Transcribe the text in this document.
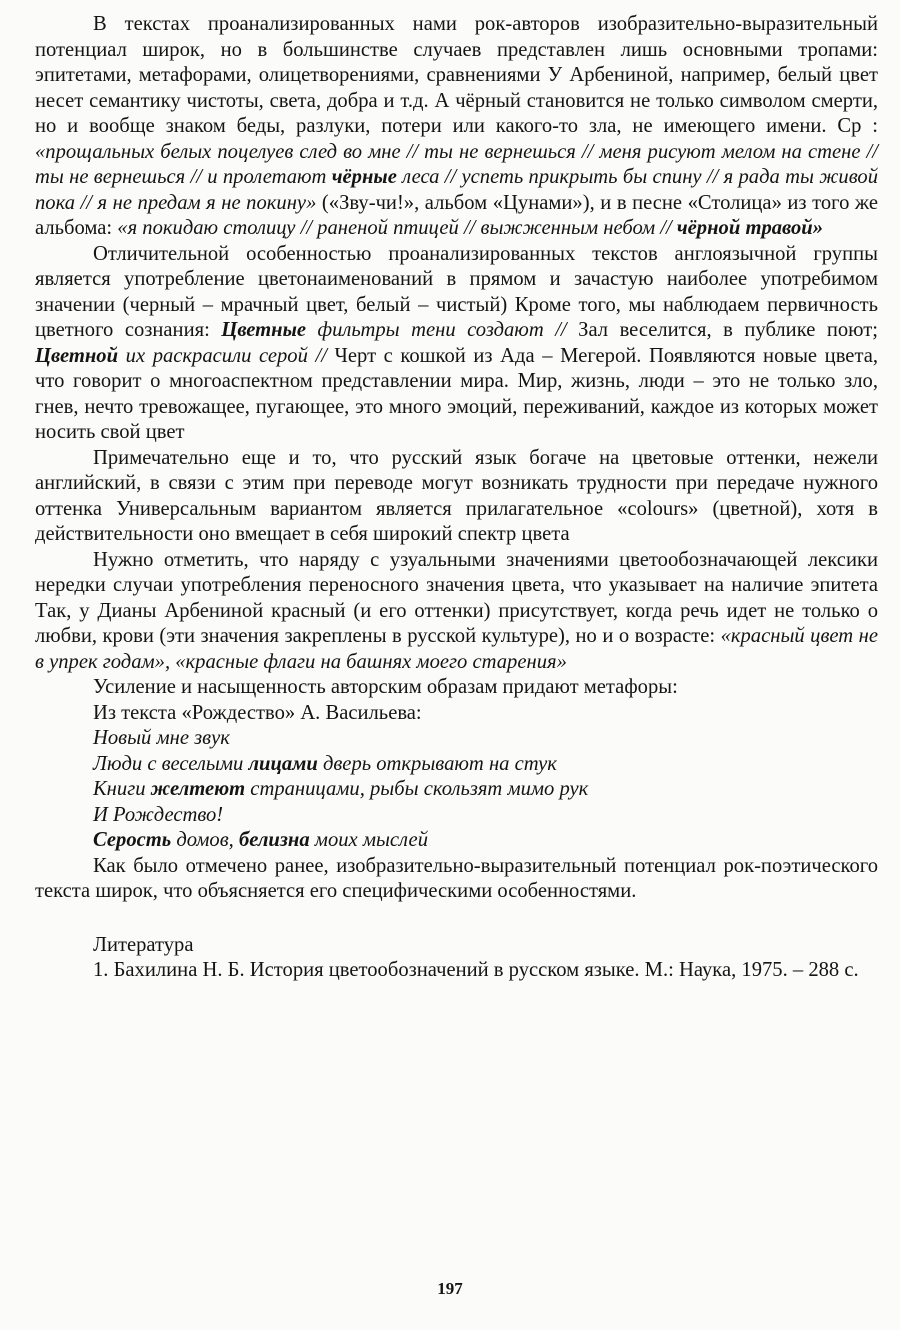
В текстах проанализированных нами рок-авторов изобразительно-выразительный потенциал широк, но в большинстве случаев представлен лишь основными тропами: эпитетами, метафорами, олицетворениями, сравнениями У Арбениной, например, белый цвет несет семантику чистоты, света, добра и т.д. А чёрный становится не только символом смерти, но и вообще знаком беды, разлуки, потери или какого-то зла, не имеющего имени. Ср : «прощальных белых поцелуев след во мне // ты не вернешься // меня рисуют мелом на стене // ты не вернешься // и пролетают чёрные леса // успеть прикрыть бы спину // я рада ты живой пока // я не предам я не покину» («Зву-чи!», альбом «Цунами»), и в песне «Столица» из того же альбома: «я покидаю столицу // раненой птицей // выжженным небом // чёрной травой»

Отличительной особенностью проанализированных текстов англоязычной группы является употребление цветонаименований в прямом и зачастую наиболее употребимом значении (черный – мрачный цвет, белый – чистый) Кроме того, мы наблюдаем первичность цветного сознания: Цветные фильтры тени создают // Зал веселится, в публике поют; Цветной их раскрасили серой // Черт с кошкой из Ада – Мегерой. Появляются новые цвета, что говорит о многоаспектном представлении мира. Мир, жизнь, люди – это не только зло, гнев, нечто тревожащее, пугающее, это много эмоций, переживаний, каждое из которых может носить свой цвет

Примечательно еще и то, что русский язык богаче на цветовые оттенки, нежели английский, в связи с этим при переводе могут возникать трудности при передаче нужного оттенка Универсальным вариантом является прилагательное «colours» (цветной), хотя в действительности оно вмещает в себя широкий спектр цвета

Нужно отметить, что наряду с узуальными значениями цветообозначающей лексики нередки случаи употребления переносного значения цвета, что указывает на наличие эпитета Так, у Дианы Арбениной красный (и его оттенки) присутствует, когда речь идет не только о любви, крови (эти значения закреплены в русской культуре), но и о возрасте: «красный цвет не в упрек годам», «красные флаги на башнях моего старения»

Усиление и насыщенность авторским образам придают метафоры:

Из текста «Рождество» А. Васильева:

Новый мне звук

Люди с веселыми лицами дверь открывают на стук

Книги желтеют страницами, рыбы скользят мимо рук

И Рождество!

Серость домов, белизна моих мыслей

Как было отмечено ранее, изобразительно-выразительный потенциал рок-поэтического текста широк, что объясняется его специфическими особенностями.

Литература

1. Бахилина Н. Б. История цветообозначений в русском языке. М.: Наука, 1975. – 288 с.

197
